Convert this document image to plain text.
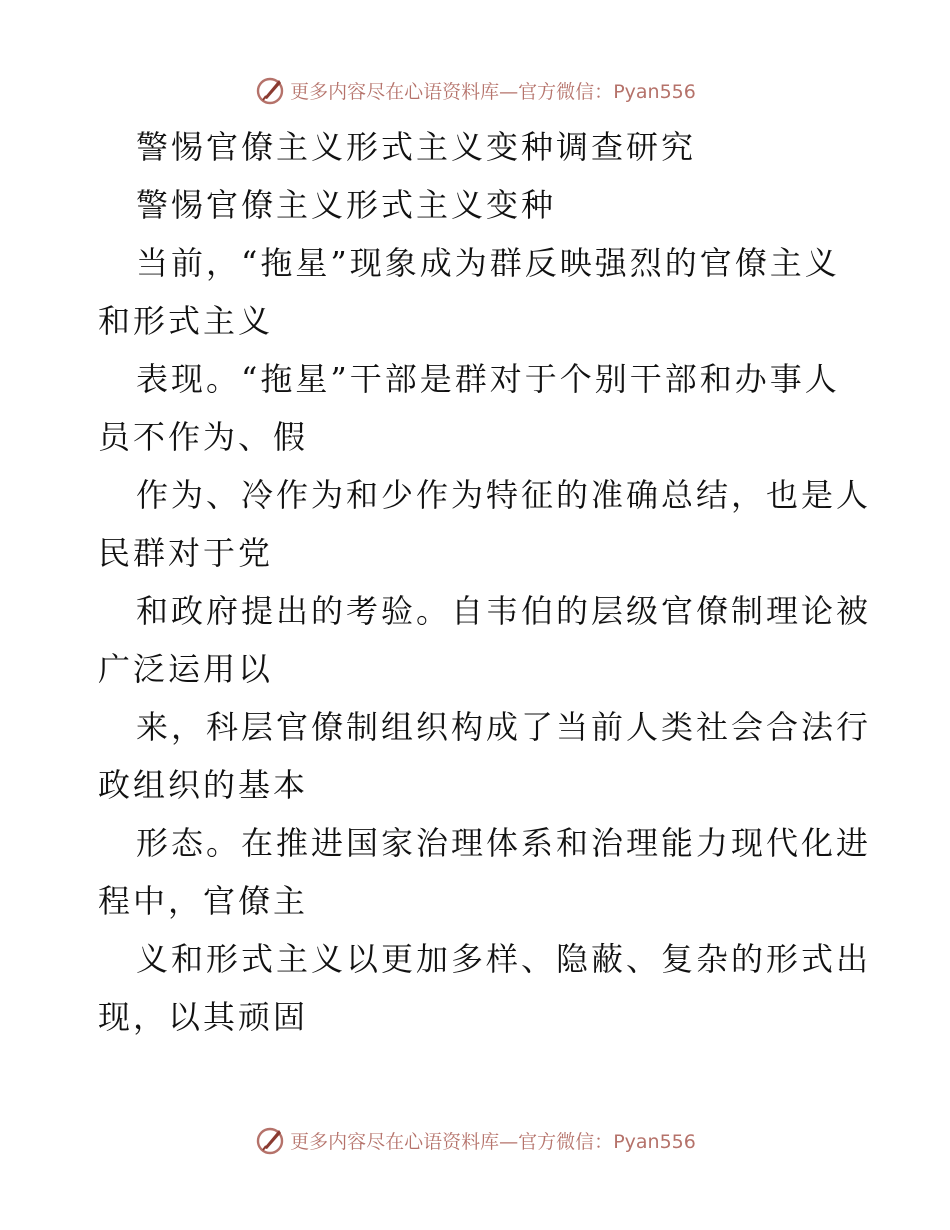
更多内容尽在心语资料库—官方微信：Pyan556
警惕官僚主义形式主义变种调查研究
警惕官僚主义形式主义变种
当前，“拖星”现象成为群反映强烈的官僚主义
和形式主义
表现。“拖星”干部是群对于个别干部和办事人
员不作为、假
作为、冷作为和少作为特征的准确总结，也是人
民群对于党
和政府提出的考验。自韦伯的层级官僚制理论被
广泛运用以
来，科层官僚制组织构成了当前人类社会合法行
政组织的基本
形态。在推进国家治理体系和治理能力现代化进
程中，官僚主
义和形式主义以更加多样、隐蔽、复杂的形式出
现，以其顽固
更多内容尽在心语资料库—官方微信：Pyan556
